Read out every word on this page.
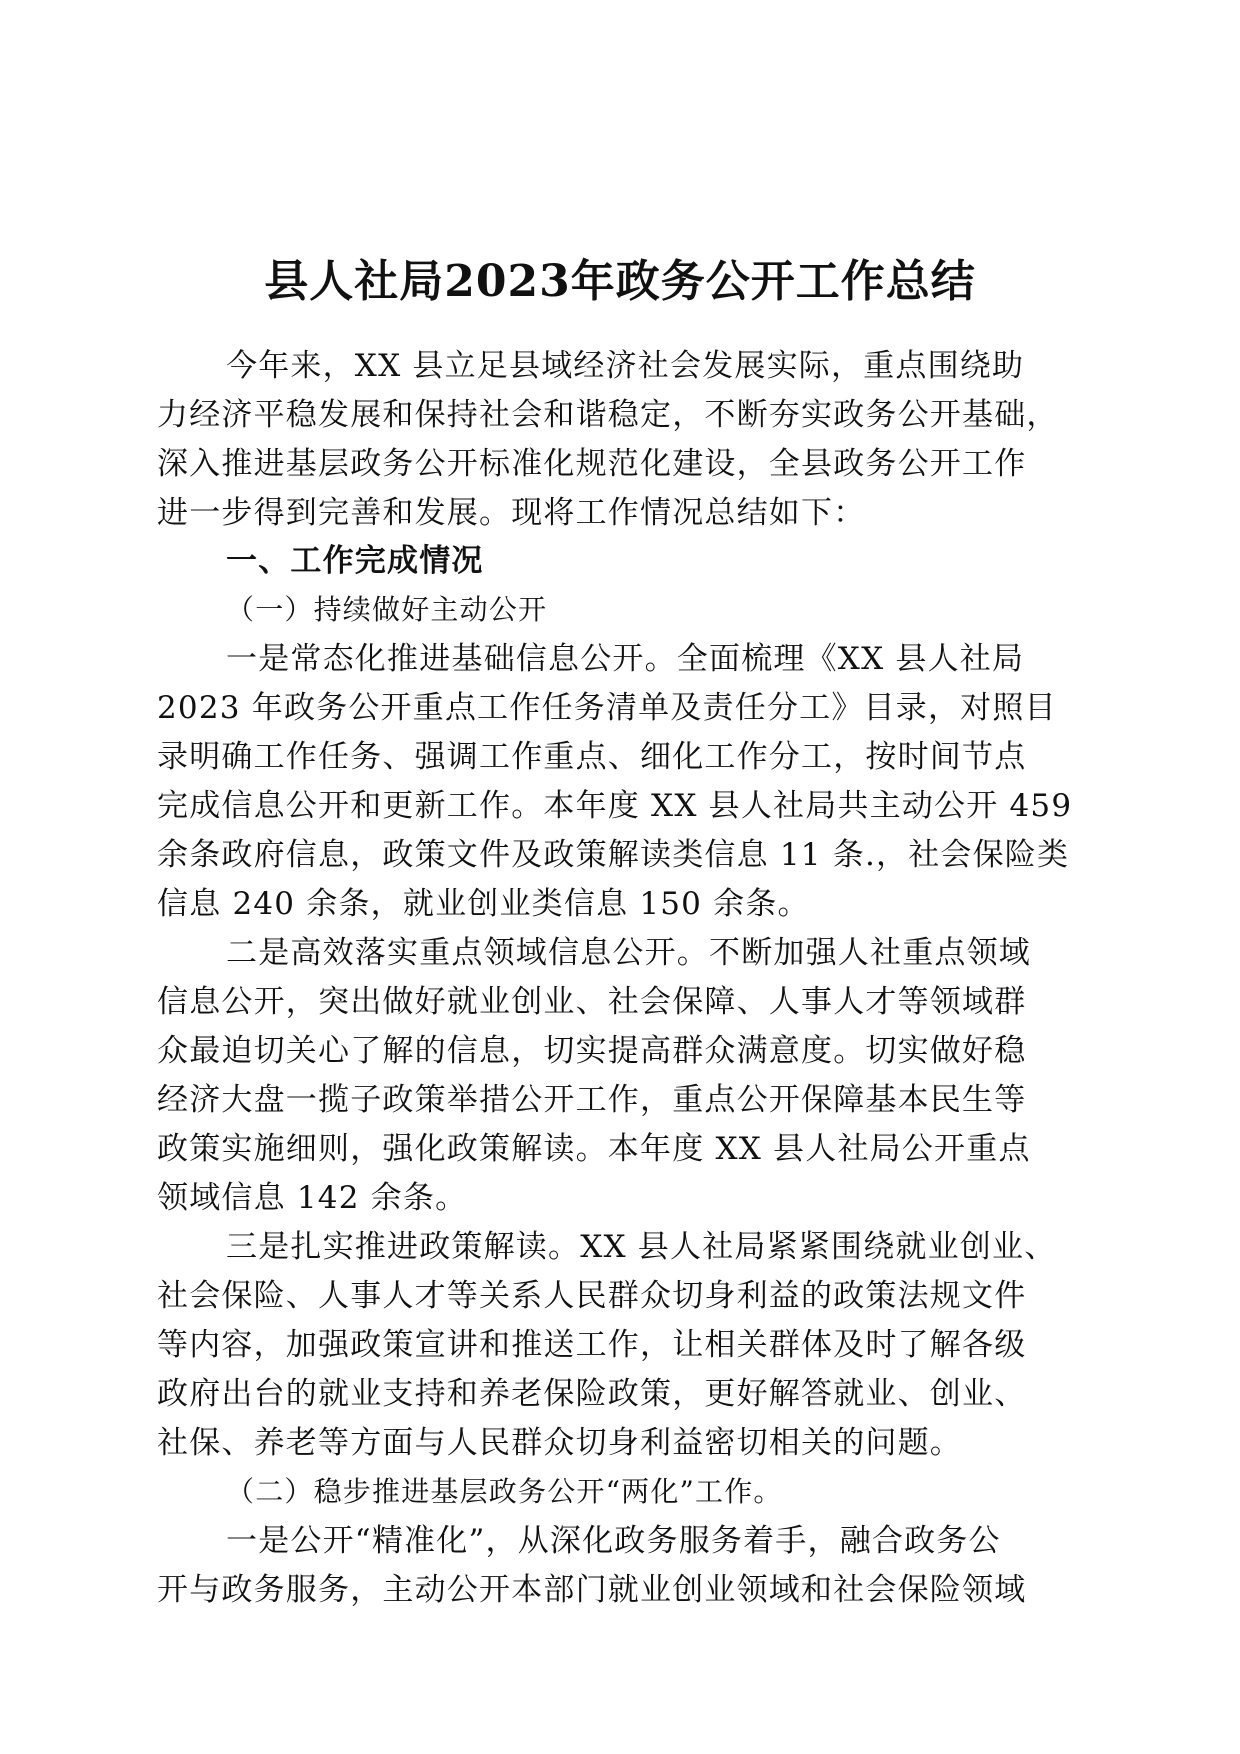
县人社局2023年政务公开工作总结

今年来，XX 县立足县域经济社会发展实际，重点围绕助

力经济平稳发展和保持社会和谐稳定，不断夯实政务公开基础，

深入推进基层政务公开标准化规范化建设，全县政务公开工作

进一步得到完善和发展。现将工作情况总结如下：

一、工作完成情况

（一）持续做好主动公开

一是常态化推进基础信息公开。全面梳理《XX 县人社局

2023 年政务公开重点工作任务清单及责任分工》目录，对照目

录明确工作任务、强调工作重点、细化工作分工，按时间节点

完成信息公开和更新工作。本年度 XX 县人社局共主动公开 459

余条政府信息，政策文件及政策解读类信息 11 条.，社会保险类

信息 240 余条，就业创业类信息 150 余条。

二是高效落实重点领域信息公开。不断加强人社重点领域

信息公开，突出做好就业创业、社会保障、人事人才等领域群

众最迫切关心了解的信息，切实提高群众满意度。切实做好稳

经济大盘一揽子政策举措公开工作，重点公开保障基本民生等

政策实施细则，强化政策解读。本年度 XX 县人社局公开重点

领域信息 142 余条。

三是扎实推进政策解读。XX 县人社局紧紧围绕就业创业、

社会保险、人事人才等关系人民群众切身利益的政策法规文件

等内容，加强政策宣讲和推送工作，让相关群体及时了解各级

政府出台的就业支持和养老保险政策，更好解答就业、创业、

社保、养老等方面与人民群众切身利益密切相关的问题。

（二）稳步推进基层政务公开“两化”工作。

一是公开“精准化”，从深化政务服务着手，融合政务公

开与政务服务，主动公开本部门就业创业领域和社会保险领域
